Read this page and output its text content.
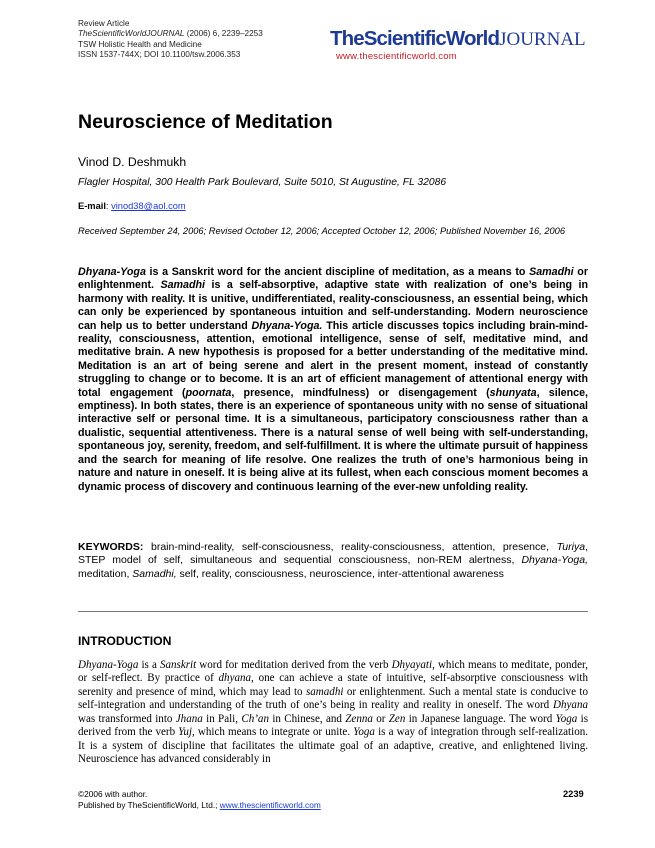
Review Article
TheScientificWorldJOURNAL (2006) 6, 2239–2253
TSW Holistic Health and Medicine
ISSN 1537-744X; DOI 10.1100/tsw.2006.353
TheScientificWorldJOURNAL
www.thescientificworld.com
Neuroscience of Meditation
Vinod D. Deshmukh
Flagler Hospital, 300 Health Park Boulevard, Suite 5010, St Augustine, FL 32086
E-mail: vinod38@aol.com
Received September 24, 2006; Revised October 12, 2006; Accepted October 12, 2006; Published November 16, 2006

Dhyana-Yoga is a Sanskrit word for the ancient discipline of meditation, as a means to Samadhi or enlightenment. Samadhi is a self-absorptive, adaptive state with realization of one’s being in harmony with reality. It is unitive, undifferentiated, reality-consciousness, an essential being, which can only be experienced by spontaneous intuition and self-understanding. Modern neuroscience can help us to better understand Dhyana-Yoga. This article discusses topics including brain-mind-reality, consciousness, attention, emotional intelligence, sense of self, meditative mind, and meditative brain. A new hypothesis is proposed for a better understanding of the meditative mind. Meditation is an art of being serene and alert in the present moment, instead of constantly struggling to change or to become. It is an art of efficient management of attentional energy with total engagement (poornata, presence, mindfulness) or disengagement (shunyata, silence, emptiness). In both states, there is an experience of spontaneous unity with no sense of situational interactive self or personal time. It is a simultaneous, participatory consciousness rather than a dualistic, sequential attentiveness. There is a natural sense of well being with self-understanding, spontaneous joy, serenity, freedom, and self-fulfillment. It is where the ultimate pursuit of happiness and the search for meaning of life resolve. One realizes the truth of one’s harmonious being in nature and nature in oneself. It is being alive at its fullest, when each conscious moment becomes a dynamic process of discovery and continuous learning of the ever-new unfolding reality.

KEYWORDS: brain-mind-reality, self-consciousness, reality-consciousness, attention, presence, Turiya, STEP model of self, simultaneous and sequential consciousness, non-REM alertness, Dhyana-Yoga, meditation, Samadhi, self, reality, consciousness, neuroscience, inter-attentional awareness

INTRODUCTION

Dhyana-Yoga is a Sanskrit word for meditation derived from the verb Dhyayati, which means to meditate, ponder, or self-reflect. By practice of dhyana, one can achieve a state of intuitive, self-absorptive consciousness with serenity and presence of mind, which may lead to samadhi or enlightenment. Such a mental state is conducive to self-integration and understanding of the truth of one’s being in reality and reality in oneself. The word Dhyana was transformed into Jhana in Pali, Ch’an in Chinese, and Zenna or Zen in Japanese language. The word Yoga is derived from the verb Yuj, which means to integrate or unite. Yoga is a way of integration through self-realization. It is a system of discipline that facilitates the ultimate goal of an adaptive, creative, and enlightened living. Neuroscience has advanced considerably in

©2006 with author.
Published by TheScientificWorld, Ltd.; www.thescientificworld.com
2239
